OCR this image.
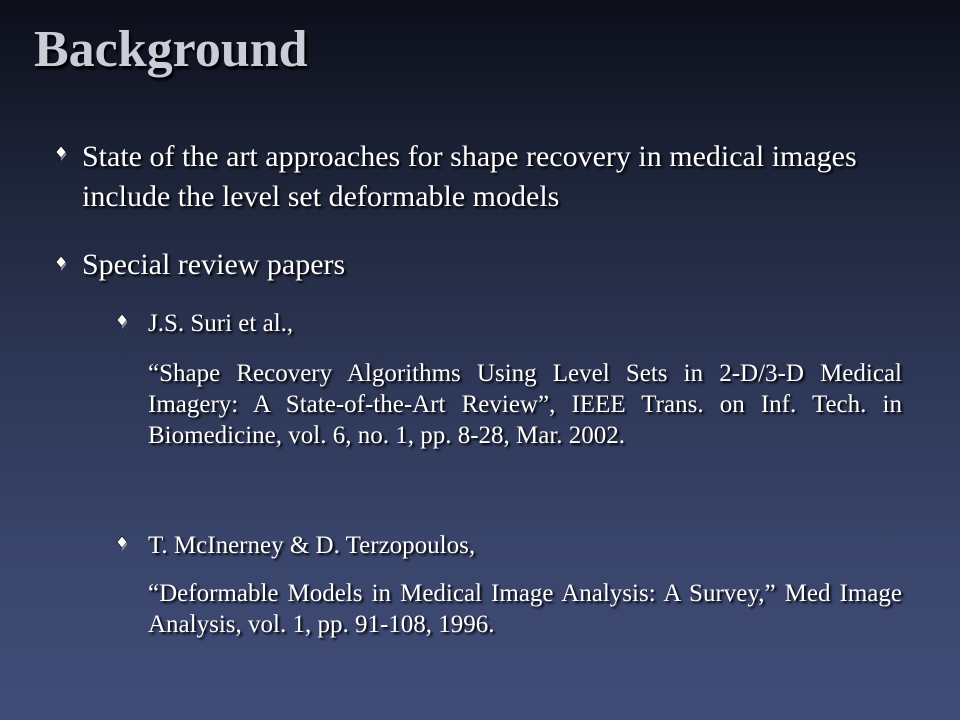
Background
State of the art approaches for shape recovery in medical images include the level set deformable models
Special review papers
J.S. Suri et al.,
“Shape Recovery Algorithms Using Level Sets in 2-D/3-D Medical Imagery: A State-of-the-Art Review”, IEEE Trans. on Inf. Tech. in Biomedicine, vol. 6, no. 1, pp. 8-28, Mar. 2002.
T. McInerney & D. Terzopoulos,
“Deformable Models in Medical Image Analysis: A Survey,” Med Image Analysis, vol. 1, pp. 91-108, 1996.
